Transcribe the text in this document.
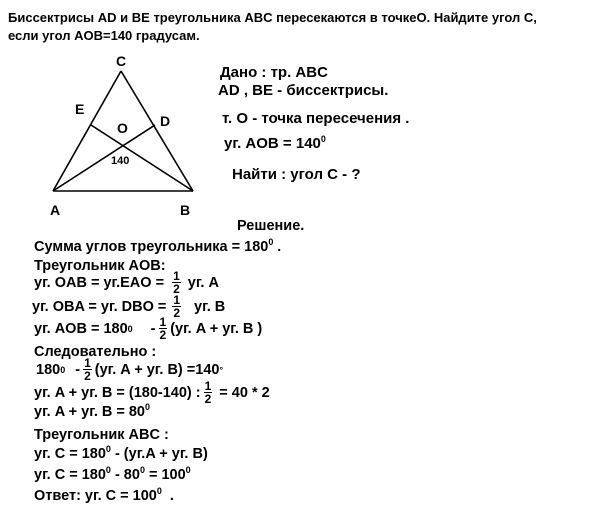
Биссектрисы AD и BE треугольника ABC пересекаются в точкеO. Найдите угол C,
если угол AOB=140 градусам.
C
E
D
O
140
A	B
Дано : тр. ABC
AD , BE - биссектрисы.
т. O - точка пересечения .
уг. AOB = $140^0$
Найти : угол С - ?
Решение.
Сумма углов треугольника = $180^0$ .
Треугольник AOB:
уг. OAB = $уг.EAO = \frac{1}{2}$ уг. A
уг. OBA = уг. DBO = $\frac{1}{2}$ уг. B
уг. AOB = 180 $0 - \frac{1}{2} (уг$. A + уг. B )
Следовательно :
180 $0 - \frac{1}{2} (уг$. A + уг. B) =140 °
уг. A + уг. B = (180-140) : $\frac{1}{2} = 40 * 2$
уг. A + уг. $B = 80^0$
Треугольник ABC :
уг. $C = 180^0 - (уг.A$ + уг. B)
уг. $C = 180^0 - 80^0 = 100^0$
Ответ: уг. $C = 100^0$ .
